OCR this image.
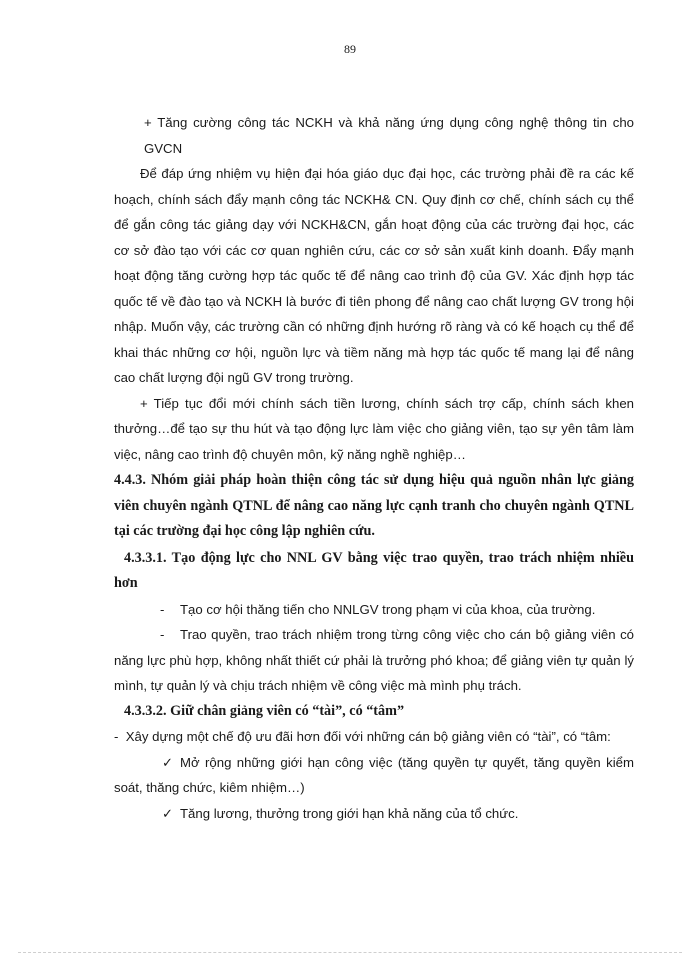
89

+ Tăng cường công tác NCKH và khả năng ứng dụng công nghệ thông tin cho GVCN

Để đáp ứng nhiệm vụ hiện đại hóa giáo dục đại học, các trường phải đề ra các kế hoạch, chính sách đẩy mạnh công tác NCKH& CN. Quy định cơ chế, chính sách cụ thể để gắn công tác giảng dạy với NCKH&CN, gắn hoạt động của các trường đại học, các cơ sở đào tạo với các cơ quan nghiên cứu, các cơ sở sản xuất kinh doanh. Đẩy mạnh hoạt động tăng cường hợp tác quốc tế để nâng cao trình độ của GV. Xác định hợp tác quốc tế về đào tạo và NCKH là bước đi tiên phong để nâng cao chất lượng GV trong hội nhập. Muốn vậy, các trường cần có những định hướng rõ ràng và có kế hoạch cụ thể để khai thác những cơ hội, nguồn lực và tiềm năng mà hợp tác quốc tế mang lại để nâng cao chất lượng đội ngũ GV trong trường.

+ Tiếp tục đổi mới chính sách tiền lương, chính sách trợ cấp, chính sách khen thưởng…để tạo sự thu hút và tạo động lực làm việc cho giảng viên, tạo sự yên tâm làm việc, nâng cao trình độ chuyên môn, kỹ năng nghề nghiệp…

4.4.3. Nhóm giải pháp hoàn thiện công tác sử dụng hiệu quả nguồn nhân lực giảng viên chuyên ngành QTNL để nâng cao năng lực cạnh tranh cho chuyên ngành QTNL tại các trường đại học công lập nghiên cứu.

4.3.3.1. Tạo động lực cho NNL GV bằng việc trao quyền, trao trách nhiệm nhiều hơn

- Tạo cơ hội thăng tiến cho NNLGV trong phạm vi của khoa, của trường.

- Trao quyền, trao trách nhiệm trong từng công việc cho cán bộ giảng viên có năng lực phù hợp, không nhất thiết cứ phải là trưởng phó khoa; để giảng viên tự quản lý mình, tự quản lý và chịu trách nhiệm về công việc mà mình phụ trách.

4.3.3.2. Giữ chân giảng viên có “tài”, có “tâm”

- Xây dựng một chế độ ưu đãi hơn đối với những cán bộ giảng viên có “tài”, có “tâm:

✓ Mở rộng những giới hạn công việc (tăng quyền tự quyết, tăng quyền kiểm soát, thăng chức, kiêm nhiệm…)

✓ Tăng lương, thưởng trong giới hạn khả năng của tổ chức.
